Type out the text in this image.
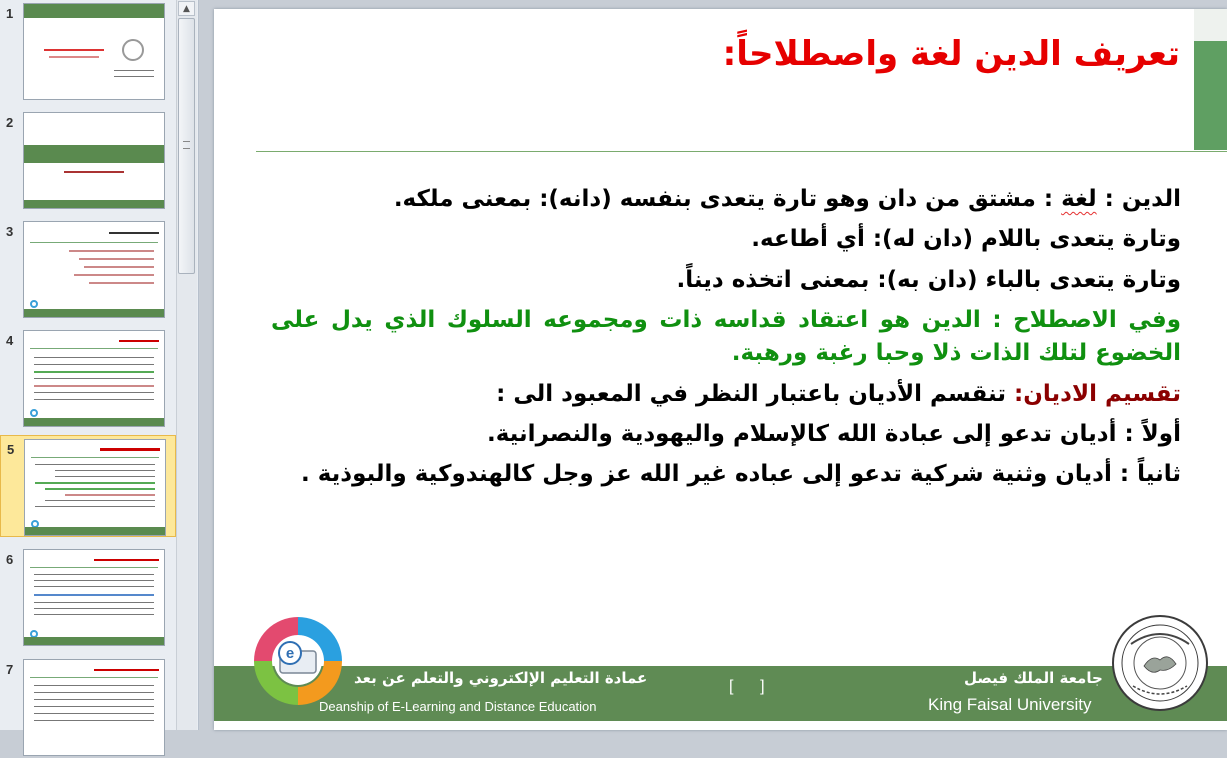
1
2
3
4
5
6
7
▲
تعريف الدين لغة واصطلاحاً:

الدين : لغة : مشتق من دان وهو تارة يتعدى بنفسه (دانه): بمعنى ملكه.

وتارة يتعدى باللام (دان له): أي أطاعه.

وتارة يتعدى بالباء (دان به): بمعنى اتخذه ديناً.

وفي الاصطلاح : الدين هو اعتقاد قداسه ذات ومجموعه السلوك الذي يدل على الخضوع لتلك الذات ذلا وحبا رغبة ورهبة.

تقسيم الاديان: تنقسم الأديان باعتبار النظر في المعبود الى :

أولاً : أديان تدعو إلى عبادة الله كالإسلام واليهودية والنصرانية.

ثانياً : أديان وثنية شركية تدعو إلى عباده غير الله عز وجل كالهندوكية والبوذية .

عمادة التعليم الإلكتروني والتعلم عن بعد
Deanship of E-Learning and Distance Education
[      ]	جامعة الملك فيصل
King Faisal University
e
